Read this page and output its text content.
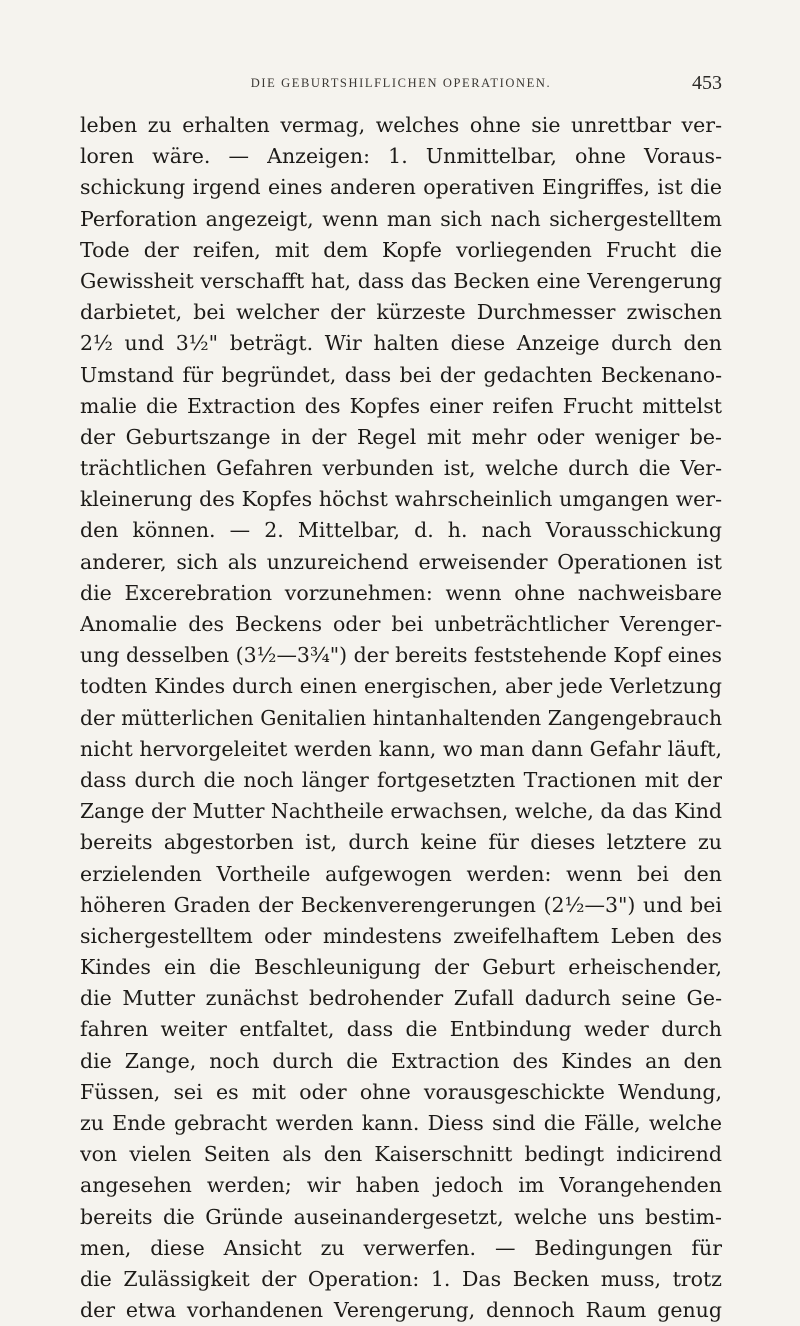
DIE GEBURTSHILFLICHEN OPERATIONEN.	453
leben zu erhalten vermag, welches ohne sie unrettbar ver-
loren wäre. — Anzeigen: 1. Unmittelbar, ohne Voraus-
schickung irgend eines anderen operativen Eingriffes, ist die
Perforation angezeigt, wenn man sich nach sichergestelltem
Tode der reifen, mit dem Kopfe vorliegenden Frucht die
Gewissheit verschafft hat, dass das Becken eine Verengerung
darbietet, bei welcher der kürzeste Durchmesser zwischen
2½ und 3½" beträgt. Wir halten diese Anzeige durch den
Umstand für begründet, dass bei der gedachten Beckenano-
malie die Extraction des Kopfes einer reifen Frucht mittelst
der Geburtszange in der Regel mit mehr oder weniger be-
trächtlichen Gefahren verbunden ist, welche durch die Ver-
kleinerung des Kopfes höchst wahrscheinlich umgangen wer-
den können. — 2. Mittelbar, d. h. nach Vorausschickung
anderer, sich als unzureichend erweisender Operationen ist
die Excerebration vorzunehmen: wenn ohne nachweisbare
Anomalie des Beckens oder bei unbeträchtlicher Verenger-
ung desselben (3½—3¾") der bereits feststehende Kopf eines
todten Kindes durch einen energischen, aber jede Verletzung
der mütterlichen Genitalien hintanhaltenden Zangengebrauch
nicht hervorgeleitet werden kann, wo man dann Gefahr läuft,
dass durch die noch länger fortgesetzten Tractionen mit der
Zange der Mutter Nachtheile erwachsen, welche, da das Kind
bereits abgestorben ist, durch keine für dieses letztere zu
erzielenden Vortheile aufgewogen werden: wenn bei den
höheren Graden der Beckenverengerungen (2½—3") und bei
sichergestelltem oder mindestens zweifelhaftem Leben des
Kindes ein die Beschleunigung der Geburt erheischender,
die Mutter zunächst bedrohender Zufall dadurch seine Ge-
fahren weiter entfaltet, dass die Entbindung weder durch
die Zange, noch durch die Extraction des Kindes an den
Füssen, sei es mit oder ohne vorausgeschickte Wendung,
zu Ende gebracht werden kann. Diess sind die Fälle, welche
von vielen Seiten als den Kaiserschnitt bedingt indicirend
angesehen werden; wir haben jedoch im Vorangehenden
bereits die Gründe auseinandergesetzt, welche uns bestim-
men, diese Ansicht zu verwerfen. — Bedingungen für
die Zulässigkeit der Operation: 1. Das Becken muss, trotz
der etwa vorhandenen Verengerung, dennoch Raum genug
